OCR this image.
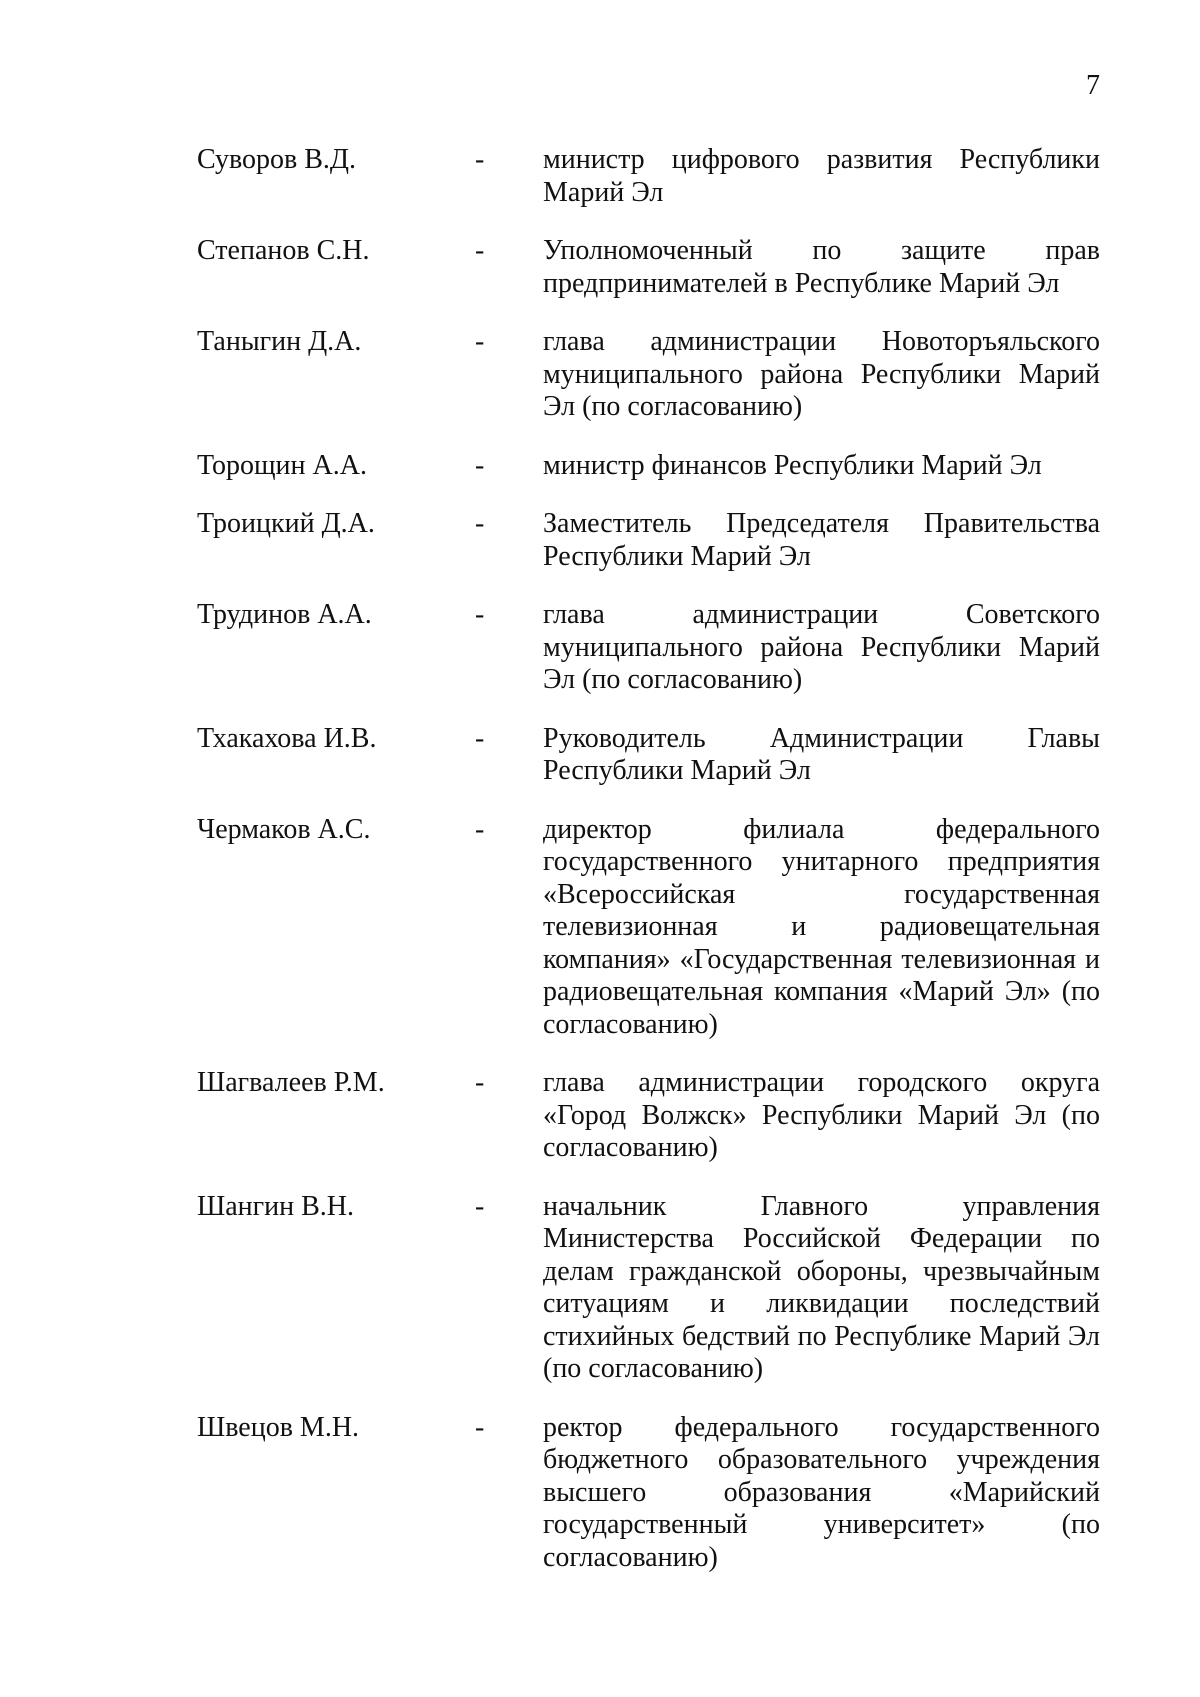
7
Суворов В.Д.	-	министр цифрового развития Республики Марий Эл
Степанов С.Н.	-	Уполномоченный по защите прав предпринимателей в Республике Марий Эл
Таныгин Д.А.	-	глава администрации Новоторъяльского муниципального района Республики Марий Эл (по согласованию)
Торощин А.А.	-	министр финансов Республики Марий Эл
Троицкий Д.А.	-	Заместитель Председателя Правительства Республики Марий Эл
Трудинов А.А.	-	глава администрации Советского муниципального района Республики Марий Эл (по согласованию)
Тхакахова И.В.	-	Руководитель Администрации Главы Республики Марий Эл
Чермаков А.С.	-	директор филиала федерального государственного унитарного предприятия «Всероссийская государственная телевизионная и радиовещательная компания» «Государственная телевизионная и радиовещательная компания «Марий Эл» (по согласованию)
Шагвалеев Р.М.	-	глава администрации городского округа «Город Волжск» Республики Марий Эл (по согласованию)
Шангин В.Н.	-	начальник Главного управления Министерства Российской Федерации по делам гражданской обороны, чрезвычайным ситуациям и ликвидации последствий стихийных бедствий по Республике Марий Эл (по согласованию)
Швецов М.Н.	-	ректор федерального государственного бюджетного образовательного учреждения высшего образования «Марийский государственный университет» (по согласованию)
